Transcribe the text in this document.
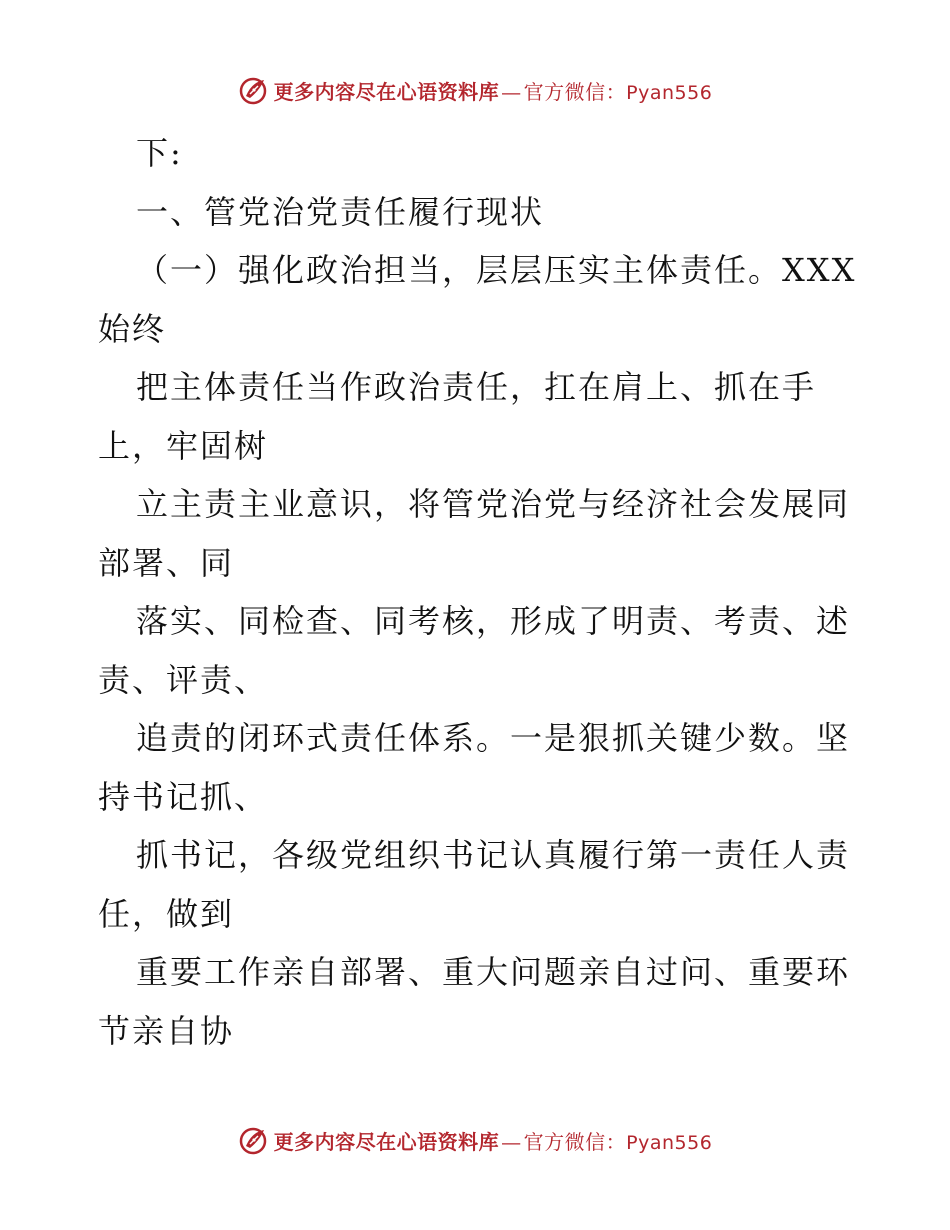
更多内容尽在心语资料库 — 官方微信： Pyan556
下:
一、管党治党责任履行现状
（一）强化政治担当，层层压实主体责任。XXX
始终
把主体责任当作政治责任，扛在肩上、抓在手
上，牢固树
立主责主业意识，将管党治党与经济社会发展同
部署、同
落实、同检查、同考核，形成了明责、考责、述
责、评责、
追责的闭环式责任体系。一是狠抓关键少数。坚
持书记抓、
抓书记，各级党组织书记认真履行第一责任人责
任，做到
重要工作亲自部署、重大问题亲自过问、重要环
节亲自协
更多内容尽在心语资料库 — 官方微信： Pyan556
